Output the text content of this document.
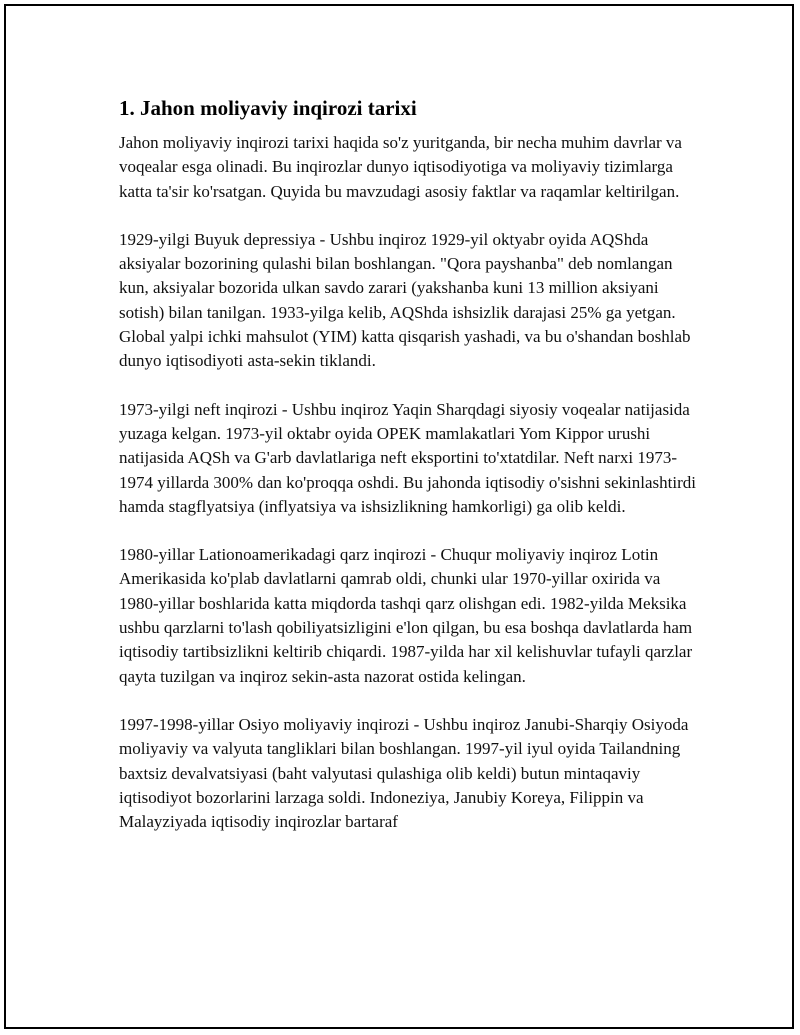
1. Jahon moliyaviy inqirozi tarixi

Jahon moliyaviy inqirozi tarixi haqida so'z yuritganda, bir necha muhim davrlar va voqealar esga olinadi. Bu inqirozlar dunyo iqtisodiyotiga va moliyaviy tizimlarga katta ta'sir ko'rsatgan. Quyida bu mavzudagi asosiy faktlar va raqamlar keltirilgan.

1929-yilgi Buyuk depressiya - Ushbu inqiroz 1929-yil oktyabr oyida AQShda aksiyalar bozorining qulashi bilan boshlangan. "Qora payshanba" deb nomlangan kun, aksiyalar bozorida ulkan savdo zarari (yakshanba kuni 13 million aksiyani sotish) bilan tanilgan. 1933-yilga kelib, AQShda ishsizlik darajasi 25% ga yetgan. Global yalpi ichki mahsulot (YIM) katta qisqarish yashadi, va bu o'shandan boshlab dunyo iqtisodiyoti asta-sekin tiklandi.

1973-yilgi neft inqirozi - Ushbu inqiroz Yaqin Sharqdagi siyosiy voqealar natijasida yuzaga kelgan. 1973-yil oktabr oyida OPEK mamlakatlari Yom Kippor urushi natijasida AQSh va G'arb davlatlariga neft eksportini to'xtatdilar. Neft narxi 1973-1974 yillarda 300% dan ko'proqqa oshdi. Bu jahonda iqtisodiy o'sishni sekinlashtirdi hamda stagflyatsiya (inflyatsiya va ishsizlikning hamkorligi) ga olib keldi.

1980-yillar Lationoamerikadagi qarz inqirozi - Chuqur moliyaviy inqiroz Lotin Amerikasida ko'plab davlatlarni qamrab oldi, chunki ular 1970-yillar oxirida va 1980-yillar boshlarida katta miqdorda tashqi qarz olishgan edi. 1982-yilda Meksika ushbu qarzlarni to'lash qobiliyatsizligini e'lon qilgan, bu esa boshqa davlatlarda ham iqtisodiy tartibsizlikni keltirib chiqardi. 1987-yilda har xil kelishuvlar tufayli qarzlar qayta tuzilgan va inqiroz sekin-asta nazorat ostida kelingan.

1997-1998-yillar Osiyo moliyaviy inqirozi - Ushbu inqiroz Janubi-Sharqiy Osiyoda moliyaviy va valyuta tangliklari bilan boshlangan. 1997-yil iyul oyida Tailandning baxtsiz devalvatsiyasi (baht valyutasi qulashiga olib keldi) butun mintaqaviy iqtisodiyot bozorlarini larzaga soldi. Indoneziya, Janubiy Koreya, Filippin va Malayziyada iqtisodiy inqirozlar bartaraf
